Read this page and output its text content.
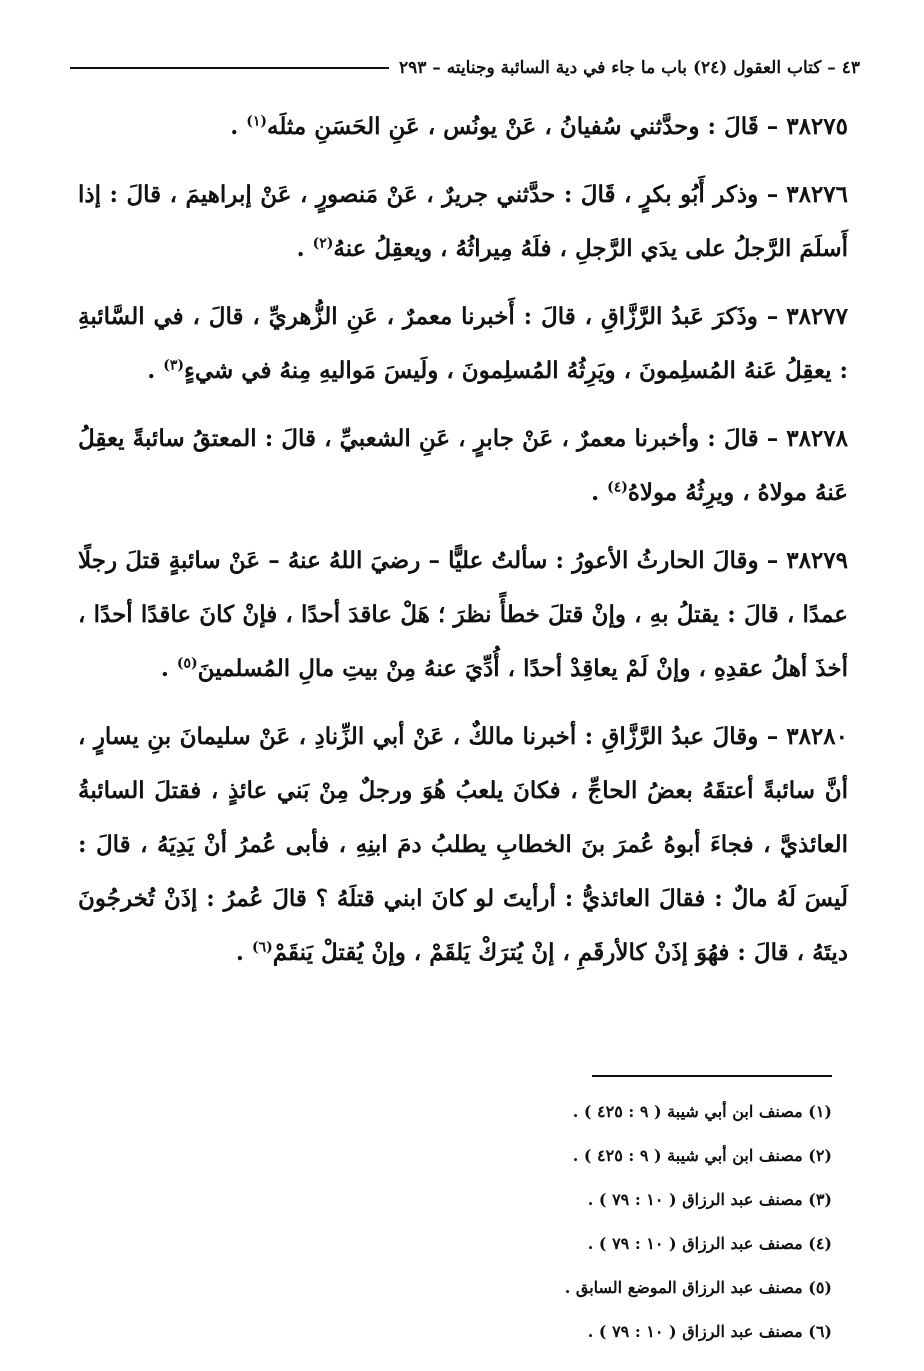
٤٣ – كتاب العقول (٢٤) باب ما جاء في دية السائبة وجنايته – ٢٩٣

٣٨٢٧٥– قَالَ : وحدَّثني سُفيانُ ، عَنْ يونُس ، عَنِ الحَسَنِ مثلَه$^{(١)}$ .

٣٨٢٧٦– وذكر أَبُو بكرٍ ، قَالَ : حدَّثني جريرٌ ، عَنْ مَنصورٍ ، عَنْ إبراهيمَ ، قالَ : إذا أَسلَمَ الرَّجلُ على يدَي الرَّجلِ ، فلَهُ مِيراثُهُ ، ويعقِلُ عنهُ$^{(٢)}$ .

٣٨٢٧٧– وذَكرَ عَبدُ الرَّزَّاقِ ، قالَ : أَخبرنا معمرٌ ، عَنِ الزُّهريِّ ، قالَ ، في السَّائبةِ : يعقِلُ عَنهُ المُسلِمونَ ، ويَرِثُهُ المُسلِمونَ ، ولَيسَ مَواليهِ مِنهُ في شيءٍ$^{(٣)}$ .

٣٨٢٧٨– قالَ : وأخبرنا معمرٌ ، عَنْ جابرٍ ، عَنِ الشعبيِّ ، قالَ : المعتقُ سائبةً يعقِلُ عَنهُ مولاهُ ، ويرِثُهُ مولاهُ$^{(٤)}$ .

٣٨٢٧٩– وقالَ الحارثُ الأعورُ : سألتُ عليًّا – رضيَ اللهُ عنهُ – عَنْ سائبةٍ قتلَ رجلًا عمدًا ، قالَ : يقتلُ بهِ ، وإنْ قتلَ خطأً نظرَ ؛ هَلْ عاقدَ أحدًا ، فإنْ كانَ عاقدًا أحدًا ، أخذَ أهلُ عقدِهِ ، وإنْ لَمْ يعاقِدْ أحدًا ، أُدِّيَ عنهُ مِنْ بيتِ مالِ المُسلمينَ$^{(٥)}$ .

٣٨٢٨٠– وقالَ عبدُ الرَّزَّاقِ : أخبرنا مالكٌ ، عَنْ أبي الزِّنادِ ، عَنْ سليمانَ بنِ يسارٍ ، أنَّ سائبةً أعتقَهُ بعضُ الحاجِّ ، فكانَ يلعبُ هُوَ ورجلٌ مِنْ بَني عائذٍ ، فقتلَ السائبةُ العائذيَّ ، فجاءَ أبوهُ عُمرَ بنَ الخطابِ يطلبُ دمَ ابنِهِ ، فأبى عُمرُ أنْ يَدِيَهُ ، قالَ : لَيسَ لَهُ مالٌ : فقالَ العائذيُّ : أرأيتَ لو كانَ ابني قتلَهُ ؟ قالَ عُمرُ : إذَنْ تُخرجُونَ ديتَهُ ، قالَ : فهُوَ إذَنْ كالأرقَمِ ، إنْ يُترَكْ يَلقَمْ ، وإنْ يُقتلْ يَنقَمْ$^{(٦)}$ .

(١) مصنف ابن أبي شيبة ( ٩ : ٤٢٥ ) .
(٢) مصنف ابن أبي شيبة ( ٩ : ٤٢٥ ) .
(٣) مصنف عبد الرزاق ( ١٠ : ٧٩ ) .
(٤) مصنف عبد الرزاق ( ١٠ : ٧٩ ) .
(٥) مصنف عبد الرزاق الموضع السابق .
(٦) مصنف عبد الرزاق ( ١٠ : ٧٩ ) .
